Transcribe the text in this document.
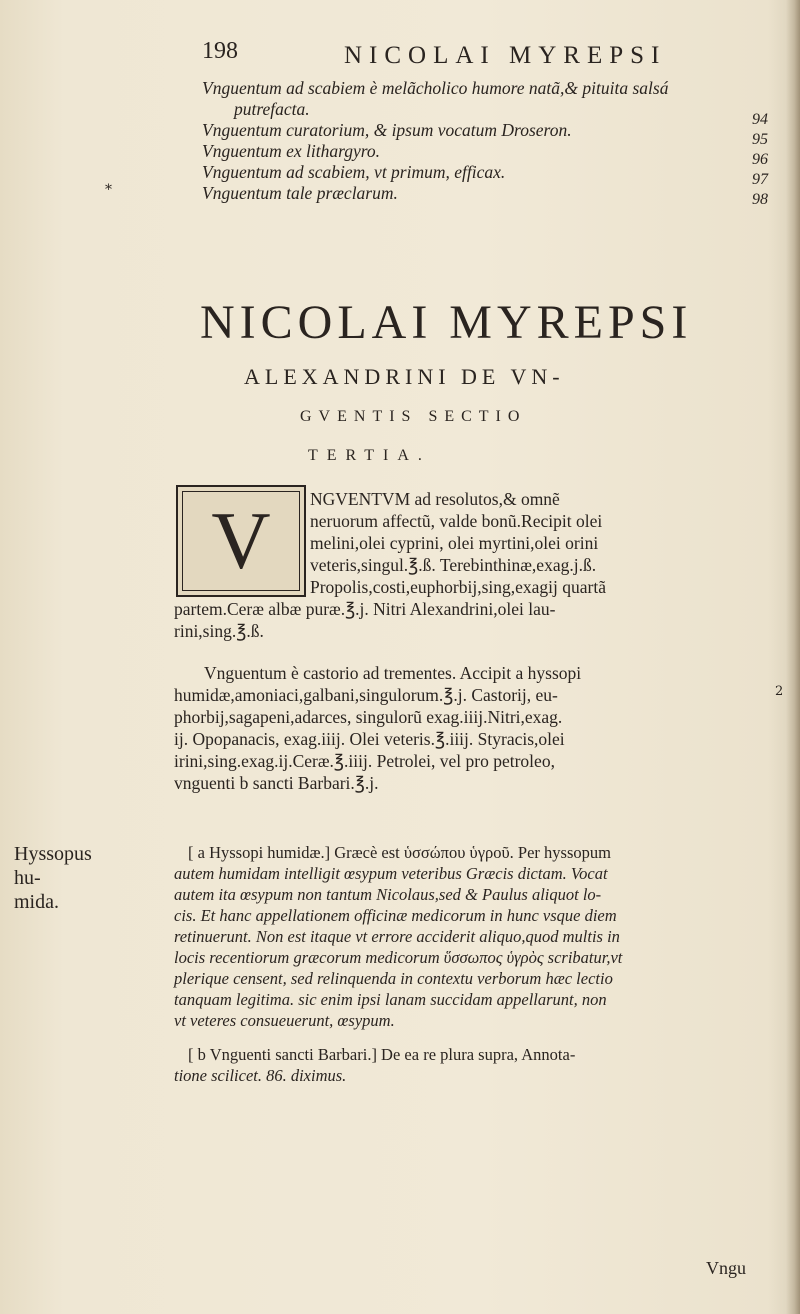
198	NICOLAI MYREPSI
Vnguentum ad scabiem è melãcholico humore natã,& pituita salsá
putrefacta.
Vnguentum curatorium, & ipsum vocatum Droseron.
Vnguentum ex lithargyro.
Vnguentum ad scabiem, vt primum, efficax.
Vnguentum tale præclarum.
94
95
96
97
98
*
NICOLAI MYREPSI
ALEXANDRINI DE VN-
GVENTIS SECTIO
TERTIA.
V	NGVENTVM ad resolutos,& omnẽ
neruorum affectũ, valde bonũ.Recipit olei
melini,olei cyprini, olei myrtini,olei orini
veteris,singul.℥.ß. Terebinthinæ,exag.j.ß.
Propolis,costi,euphorbij,sing,exagij quartã
partem.Ceræ albæ puræ.℥.j. Nitri Alexandrini,olei lau-
rini,sing.℥.ß.
Vnguentum è castorio ad trementes. Accipit a hyssopi
humidæ,amoniaci,galbani,singulorum.℥.j. Castorij, eu-
phorbij,sagapeni,adarces, singulorũ exag.iiij.Nitri,exag.
ij. Opopanacis, exag.iiij. Olei veteris.℥.iiij. Styracis,olei
irini,sing.exag.ij.Ceræ.℥.iiij. Petrolei, vel pro petroleo,
vnguenti b sancti Barbari.℥.j.
2
Hyssopus hu-
mida.
[ a Hyssopi humidæ.] Græcè est ὑσσώπου ὑγροῦ. Per hyssopum
autem humidam intelligit œsypum veteribus Græcis dictam. Vocat
autem ita œsypum non tantum Nicolaus,sed & Paulus aliquot lo-
cis. Et hanc appellationem officinæ medicorum in hunc vsque diem
retinuerunt. Non est itaque vt errore acciderit aliquo,quod multis in
locis recentiorum græcorum medicorum ὕσσωπος ὑγρὸς scribatur,vt
plerique censent, sed relinquenda in contextu verborum hæc lectio
tanquam legitima. sic enim ipsi lanam succidam appellarunt, non
vt veteres consueuerunt, œsypum.
[ b Vnguenti sancti Barbari.] De ea re plura supra, Annota-
tione scilicet. 86. diximus.
Vngu
